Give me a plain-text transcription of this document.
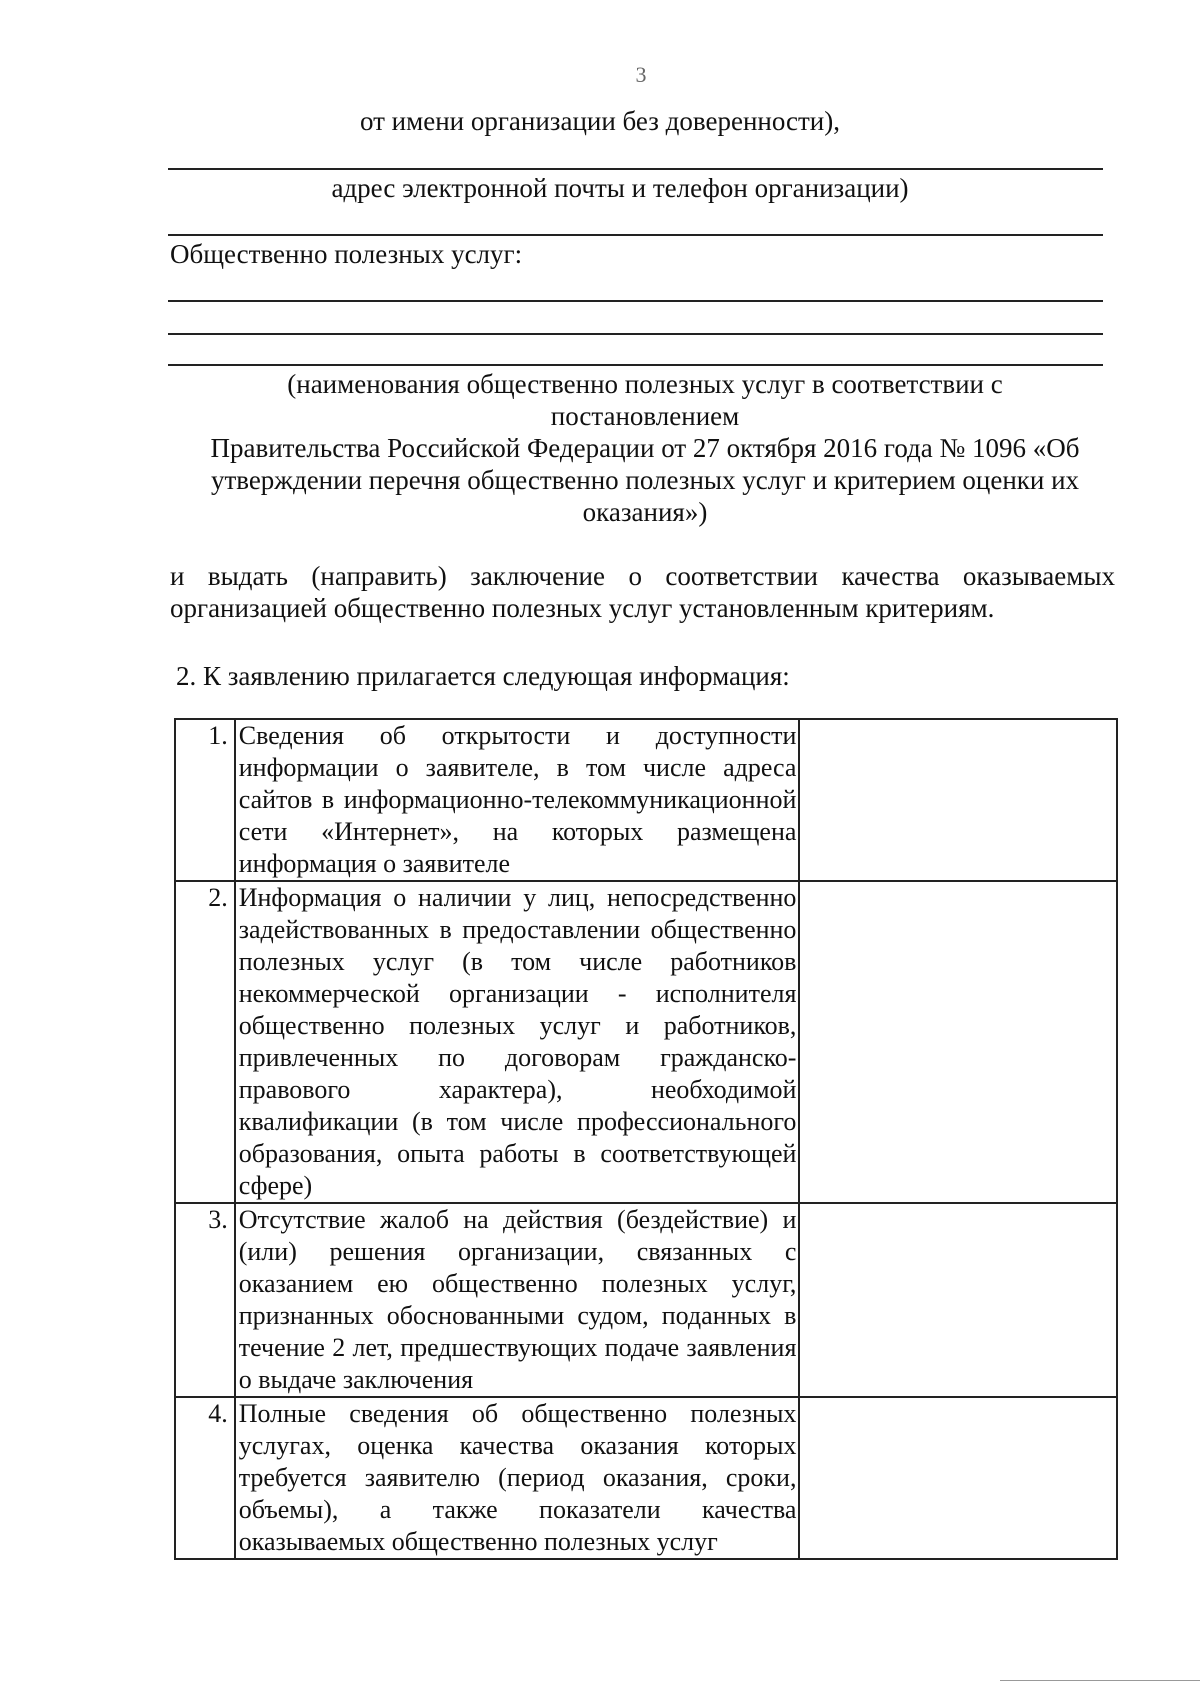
3
от имени организации без доверенности),
адрес электронной почты и телефон организации)
Общественно полезных услуг:
(наименования общественно полезных услуг в соответствии с
постановлением
Правительства Российской Федерации от 27 октября 2016 года № 1096 «Об
утверждении перечня общественно полезных услуг и критерием оценки их
оказания»)
и выдать (направить) заключение о соответствии качества оказываемых организацией общественно полезных услуг установленным критериям.
2. К заявлению прилагается следующая информация:
1.	Сведения об открытости и доступности информации о заявителе, в том числе адреса сайтов в информационно-телекоммуникационной сети «Интернет», на которых размещена информация о заявителе	
2.	Информация о наличии у лиц, непосредственно задействованных в предоставлении общественно полезных услуг (в том числе работников некоммерческой организации - исполнителя общественно полезных услуг и работников, привлеченных по договорам гражданско-правового характера), необходимой квалификации (в том числе профессионального образования, опыта работы в соответствующей сфере)	
3.	Отсутствие жалоб на действия (бездействие) и (или) решения организации, связанных с оказанием ею общественно полезных услуг, признанных обоснованными судом, поданных в течение 2 лет, предшествующих подаче заявления о выдаче заключения	
4.	Полные сведения об общественно полезных услугах, оценка качества оказания которых требуется заявителю (период оказания, сроки, объемы), а также показатели качества оказываемых общественно полезных услуг	
